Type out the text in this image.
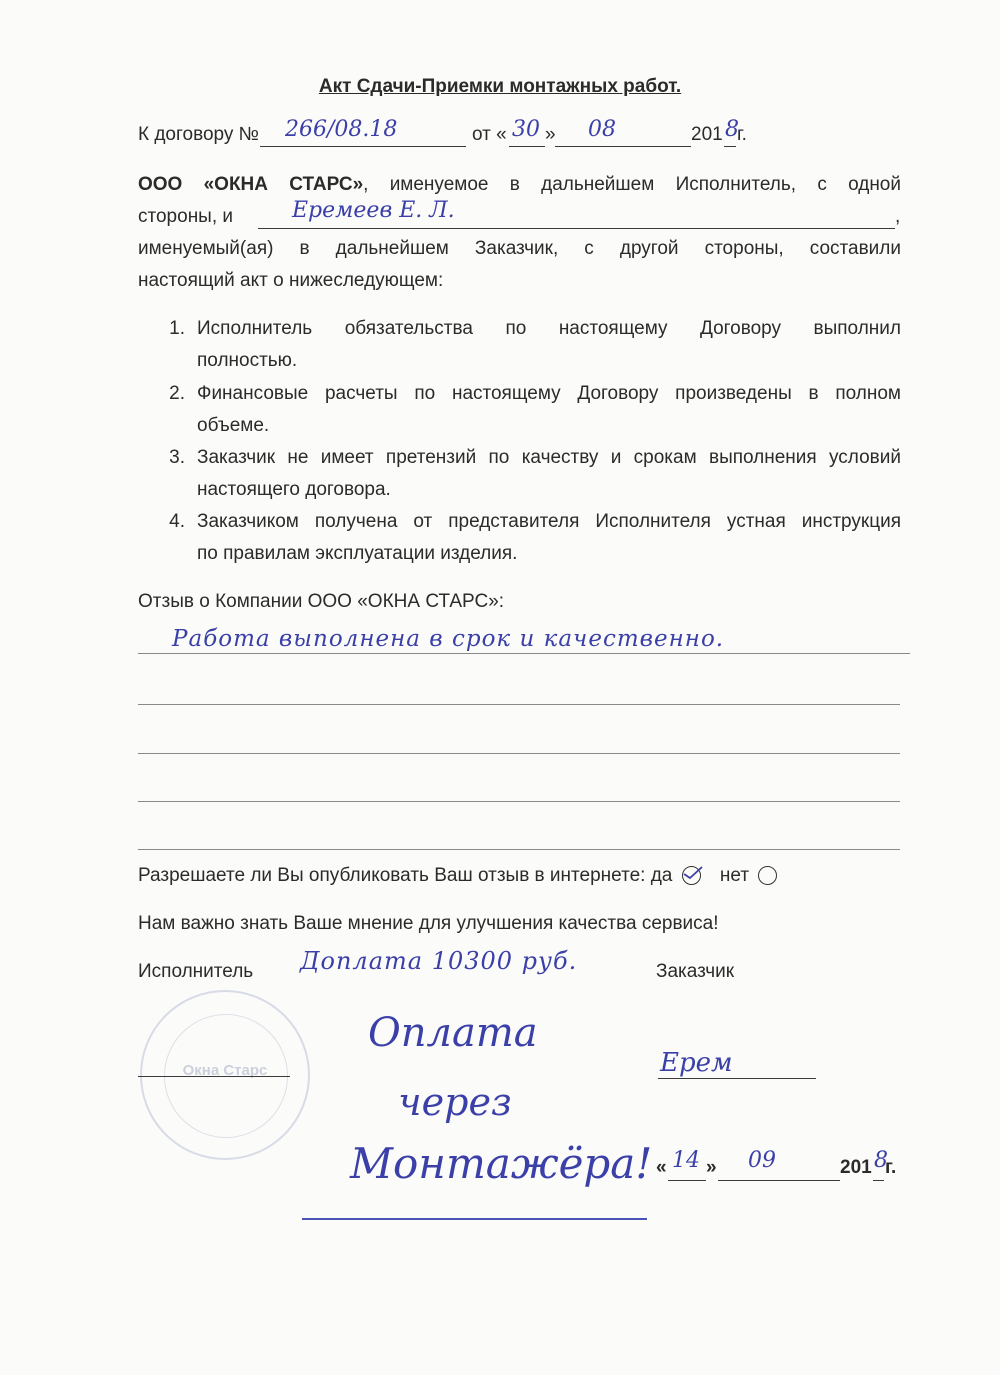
Акт Сдачи-Приемки монтажных работ.
К договору № 266/08.18	от « 30 » 08	201 8
г.
ООО «ОКНА СТАРС», именуемое в дальнейшем Исполнитель, с одной
стороны, и	Еремеев Е. Л.	,
именуемый(ая) в дальнейшем Заказчик, с другой стороны, составили
настоящий акт о нижеследующем:
1. Исполнитель обязательства по настоящему Договору выполнил
полностью.
2. Финансовые расчеты по настоящему Договору произведены в полном
объеме.
3. Заказчик не имеет претензий по качеству и срокам выполнения условий
настоящего договора.
4. Заказчиком получена от представителя Исполнителя устная инструкция
по правилам эксплуатации изделия.
Отзыв о Компании ООО «ОКНА СТАРС»:
Работа выполнена в срок и качественно.
Разрешаете ли Вы опубликовать Ваш отзыв в интернете: да	нет
Нам важно знать Ваше мнение для улучшения качества сервиса!
Исполнитель Доплата 10300 руб.	Заказчик
Окна Старс
Оплата
через
Монтажёра!
Ерем
« 14 » 09	201 8
г.
